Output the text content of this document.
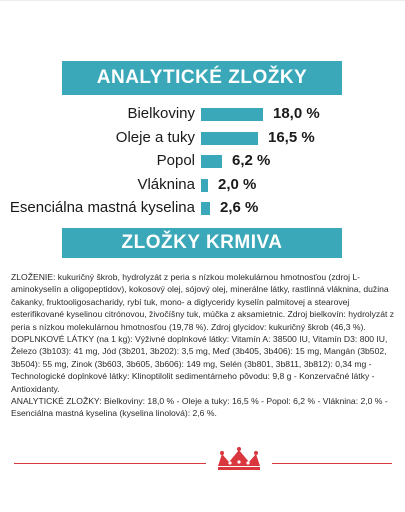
ANALYTICKÉ ZLOŽKY
Bielkoviny	18,0 %
Oleje a tuky	16,5 %
Popol 6,2 %
Vláknina 2,0 %
Esenciálna mastná kyselina 2,6 %
ZLOŽKY KRMIVA

ZLOŽENIE: kukuričný škrob, hydrolyzát z peria s nízkou molekulárnou hmotnosťou (zdroj L-aminokyselín a oligopeptidov), kokosový olej, sójový olej, minerálne látky, rastlinná vláknina, dužina čakanky, fruktooligosacharidy, rybí tuk, mono- a diglyceridy kyselín palmitovej a stearovej esterifikované kyselinou citrónovou, živočíšny tuk, múčka z aksamietnic. Zdroj bielkovín: hydrolyzát z peria s nízkou molekulárnou hmotnosťou (19,78 %). Zdroj glycidov: kukuričný škrob (46,3 %).

DOPLNKOVÉ LÁTKY (na 1 kg): Výživné doplnkové látky: Vitamín A: 38500 IU, Vitamín D3: 800 IU, Železo (3b103): 41 mg, Jód (3b201, 3b202): 3,5 mg, Meď (3b405, 3b406): 15 mg, Mangán (3b502, 3b504): 55 mg, Zinok (3b603, 3b605, 3b606): 149 mg, Selén (3b801, 3b811, 3b812): 0,34 mg - Technologické doplnkové látky: Klinoptilolit sedimentárneho pôvodu: 9,8 g - Konzervačné látky - Antioxidanty.

ANALYTICKÉ ZLOŽKY: Bielkoviny: 18,0 % - Oleje a tuky: 16,5 % - Popol: 6,2 % - Vláknina: 2,0 % - Esenciálna mastná kyselina (kyselina linolová): 2,6 %.
